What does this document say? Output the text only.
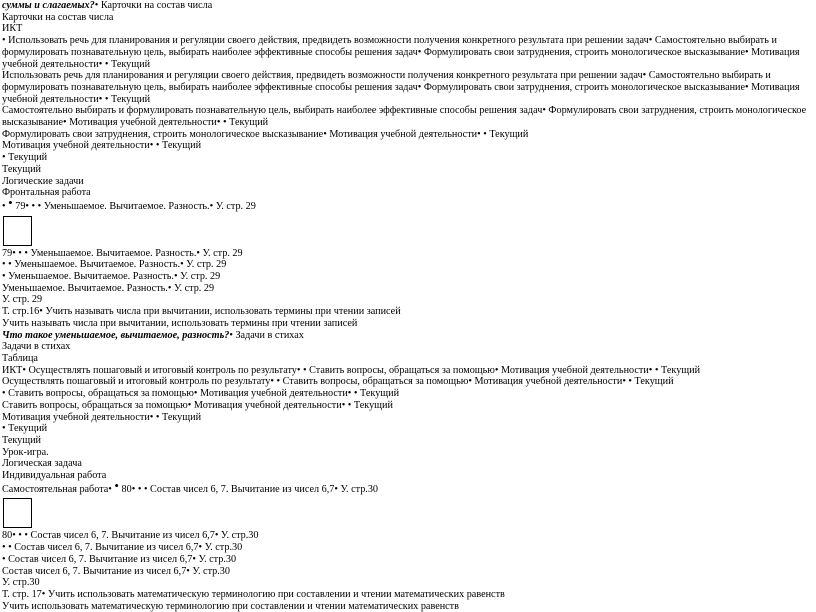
суммы и слагаемых?• Карточки на состав числа
Карточки на состав числа
ИКТ
• Использовать речь для планирования и регуляции своего действия, предвидеть возможности получения конкретного результата при решении задач• Самостоятельно выбирать и формулировать познавательную цель, выбирать наиболее эффективные способы решения задач• Формулировать свои затруднения, строить монологическое высказывание• Мотивация учебной деятельности• • Текущий
Использовать речь для планирования и регуляции своего действия, предвидеть возможности получения конкретного результата при решении задач• Самостоятельно выбирать и формулировать познавательную цель, выбирать наиболее эффективные способы решения задач• Формулировать свои затруднения, строить монологическое высказывание• Мотивация учебной деятельности• • Текущий
Самостоятельно выбирать и формулировать познавательную цель, выбирать наиболее эффективные способы решения задач• Формулировать свои затруднения, строить монологическое высказывание• Мотивация учебной деятельности• • Текущий
Формулировать свои затруднения, строить монологическое высказывание• Мотивация учебной деятельности• • Текущий
Мотивация учебной деятельности• • Текущий
• Текущий
Текущий
Логические задачи
Фронтальная работа
• • 79• • • Уменьшаемое. Вычитаемое. Разность.• У. стр. 29
79• • • Уменьшаемое. Вычитаемое. Разность.• У. стр. 29
• • Уменьшаемое. Вычитаемое. Разность.• У. стр. 29
• Уменьшаемое. Вычитаемое. Разность.• У. стр. 29
Уменьшаемое. Вычитаемое. Разность.• У. стр. 29
У. стр. 29
Т. стр.16• Учить называть числа при вычитании, использовать термины при чтении записей
Учить называть числа при вычитании, использовать термины при чтении записей
Что такое уменьшаемое, вычитаемое, разность?• Задачи в стихах
Задачи в стихах
Таблица
ИКТ• Осуществлять пошаговый и итоговый контроль по результату• • Ставить вопросы, обращаться за помощью• Мотивация учебной деятельности• • Текущий
Осуществлять пошаговый и итоговый контроль по результату• • Ставить вопросы, обращаться за помощью• Мотивация учебной деятельности• • Текущий
• Ставить вопросы, обращаться за помощью• Мотивация учебной деятельности• • Текущий
Ставить вопросы, обращаться за помощью• Мотивация учебной деятельности• • Текущий
Мотивация учебной деятельности• • Текущий
• Текущий
Текущий
Урок-игра.
Логическая задача
Индивидуальная работа
Самостоятельная работа• • 80• • • Состав чисел 6, 7. Вычитание из чисел 6,7• У. стр.30
80• • • Состав чисел 6, 7. Вычитание из чисел 6,7• У. стр.30
• • Состав чисел 6, 7. Вычитание из чисел 6,7• У. стр.30
• Состав чисел 6, 7. Вычитание из чисел 6,7• У. стр.30
Состав чисел 6, 7. Вычитание из чисел 6,7• У. стр.30
У. стр.30
Т. стр. 17• Учить использовать математическую терминологию при составлении и чтении математических равенств
Учить использовать математическую терминологию при составлении и чтении математических равенств
